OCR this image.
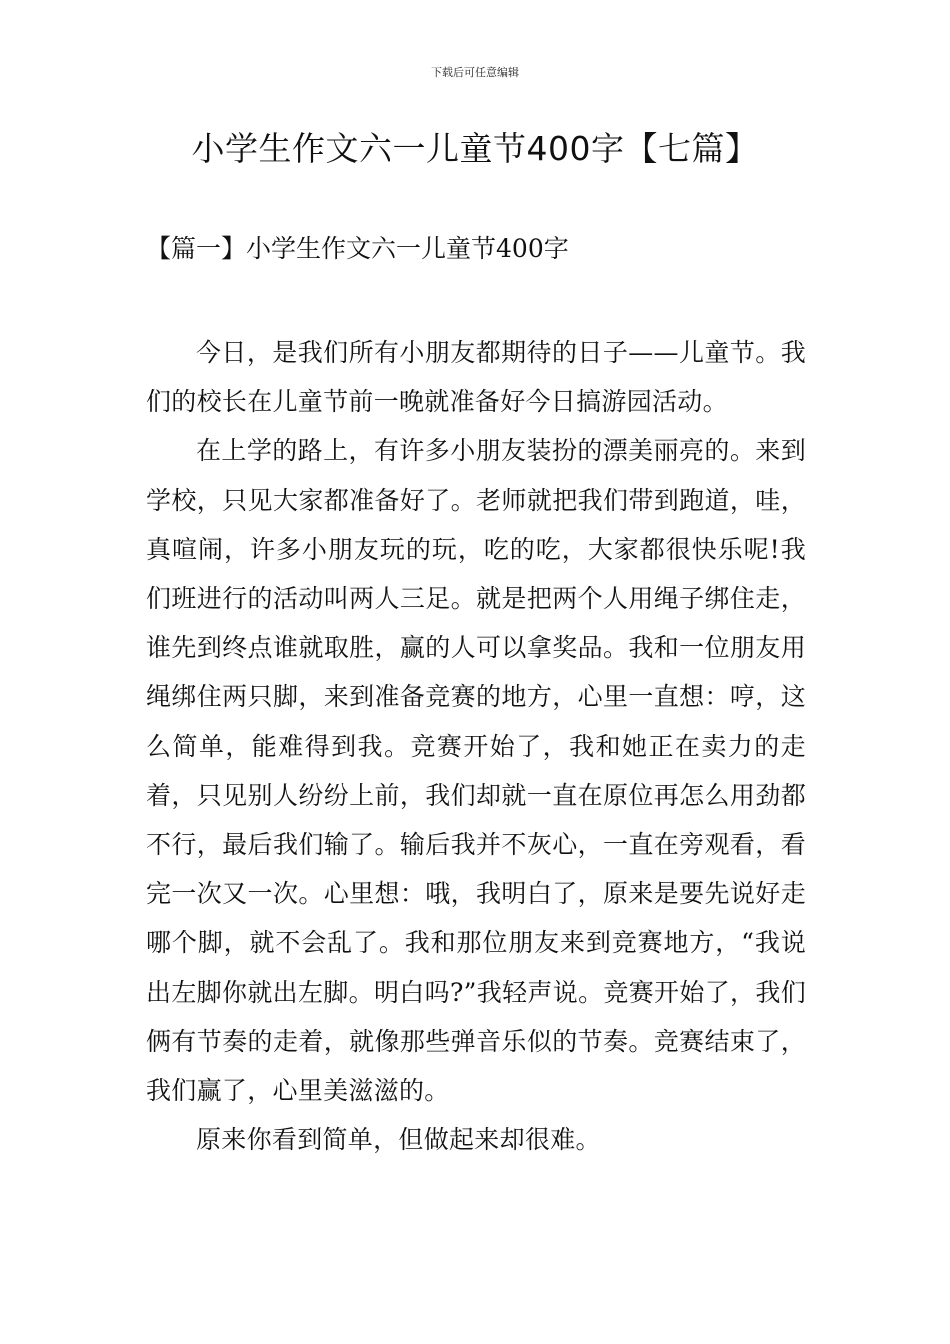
下载后可任意编辑
小学生作文六一儿童节400字【七篇】
【篇一】小学生作文六一儿童节400字

今日，是我们所有小朋友都期待的日子——儿童节。我们的校长在儿童节前一晚就准备好今日搞游园活动。

在上学的路上，有许多小朋友装扮的漂美丽亮的。来到学校，只见大家都准备好了。老师就把我们带到跑道，哇，真喧闹，许多小朋友玩的玩，吃的吃，大家都很快乐呢!我们班进行的活动叫两人三足。就是把两个人用绳子绑住走，谁先到终点谁就取胜，赢的人可以拿奖品。我和一位朋友用绳绑住两只脚，来到准备竞赛的地方，心里一直想：哼，这么简单，能难得到我。竞赛开始了，我和她正在卖力的走着，只见别人纷纷上前，我们却就一直在原位再怎么用劲都不行，最后我们输了。输后我并不灰心，一直在旁观看，看完一次又一次。心里想：哦，我明白了，原来是要先说好走哪个脚，就不会乱了。我和那位朋友来到竞赛地方，“我说出左脚你就出左脚。明白吗?”我轻声说。竞赛开始了，我们俩有节奏的走着，就像那些弹音乐似的节奏。竞赛结束了，我们赢了，心里美滋滋的。

原来你看到简单，但做起来却很难。
